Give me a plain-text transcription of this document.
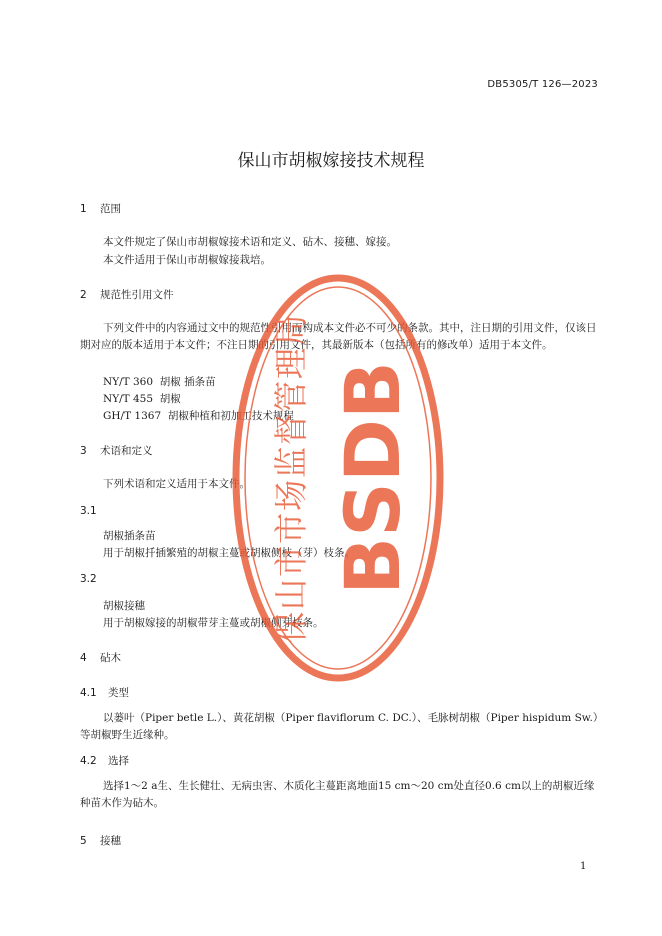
DB5305/T 126—2023
保山市胡椒嫁接技术规程
1 范围
本文件规定了保山市胡椒嫁接术语和定义、砧木、接穗、嫁接。
本文件适用于保山市胡椒嫁接栽培。
2 规范性引用文件
下列文件中的内容通过文中的规范性引用而构成本文件必不可少的条款。其中，注日期的引用文件，仅该日期对应的版本适用于本文件；不注日期的引用文件，其最新版本（包括所有的修改单）适用于本文件。
NY/T 360 胡椒 插条苗
NY/T 455 胡椒
GH/T 1367 胡椒种植和初加工技术规程
3 术语和定义
下列术语和定义适用于本文件。
3.1
胡椒插条苗
用于胡椒扦插繁殖的胡椒主蔓或胡椒侧枝（芽）枝条。
3.2
胡椒接穗
用于胡椒嫁接的胡椒带芽主蔓或胡椒侧芽枝条。
4 砧木
4.1 类型
以蒌叶（Piper betle L.）、黄花胡椒（Piper flaviflorum C. DC.）、毛脉树胡椒（Piper hispidum Sw.）等胡椒野生近缘种。
4.2 选择
选择1～2 a生、生长健壮、无病虫害、木质化主蔓距离地面15 cm～20 cm处直径0.6 cm以上的胡椒近缘种苗木作为砧木。
5 接穗
1
BSDB
保山市市场监督管理局
